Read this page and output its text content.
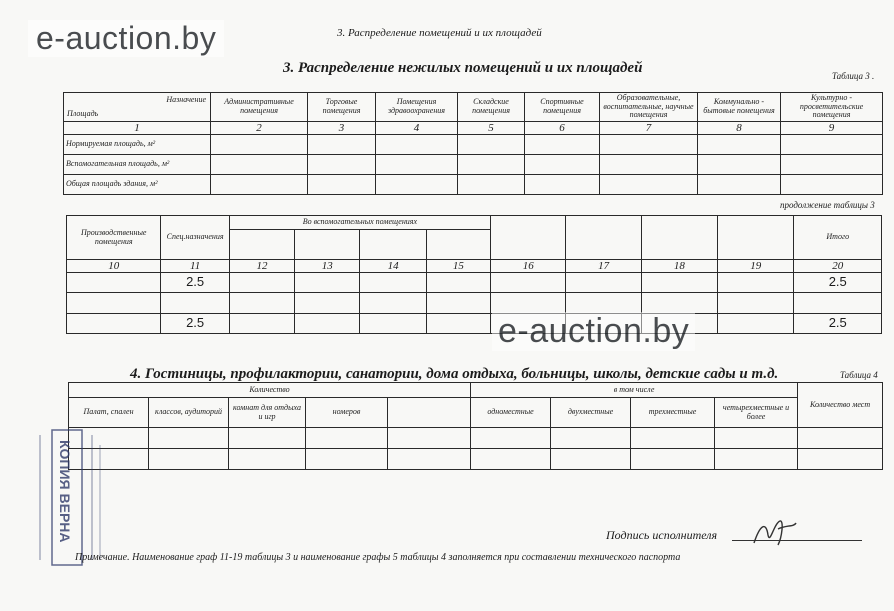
e-auction.by	3. Распределение помещений и их площадей
3. Распределение нежилых помещений и их площадей	Таблица 3 .
Назначение
Площадь	Административные помещения	Торговые помещения	Помещения здравоохранения	Складские помещения	Спортивные помещения	Образовательные, воспитательные, научные помещения	Коммунально - бытовые помещения	Культурно - просветительские помещения
1	2	3	4	5	6	7	8	9
Нормируемая площадь, м²								
Вспомогательная площадь, м²								
Общая площадь здания, м²								
продолжение таблицы 3
Производственные помещения	Спец.назначения	Во вспомогательных помещениях								Итого

10	11	12	13	14	15	16	17	18	19	20
	2.5									2.5

	2.5									2.5
e-auction.by
4. Гостиницы, профилактории, санатории, дома отдыха, больницы, школы, детские сады и т.д.	Таблица 4
Количество					в том числе				Количество мест
Палат, спален	классов, аудиторий	комнат для отдыха и игр	номеров		одноместные	двухместные	трехместные	четырехместные и более	

КОПИЯ ВЕРНА	Подпись исполнителя
Примечание. Наименование граф 11-19 таблицы 3 и наименование графы 5 таблицы 4 заполняется при составлении технического паспорта
